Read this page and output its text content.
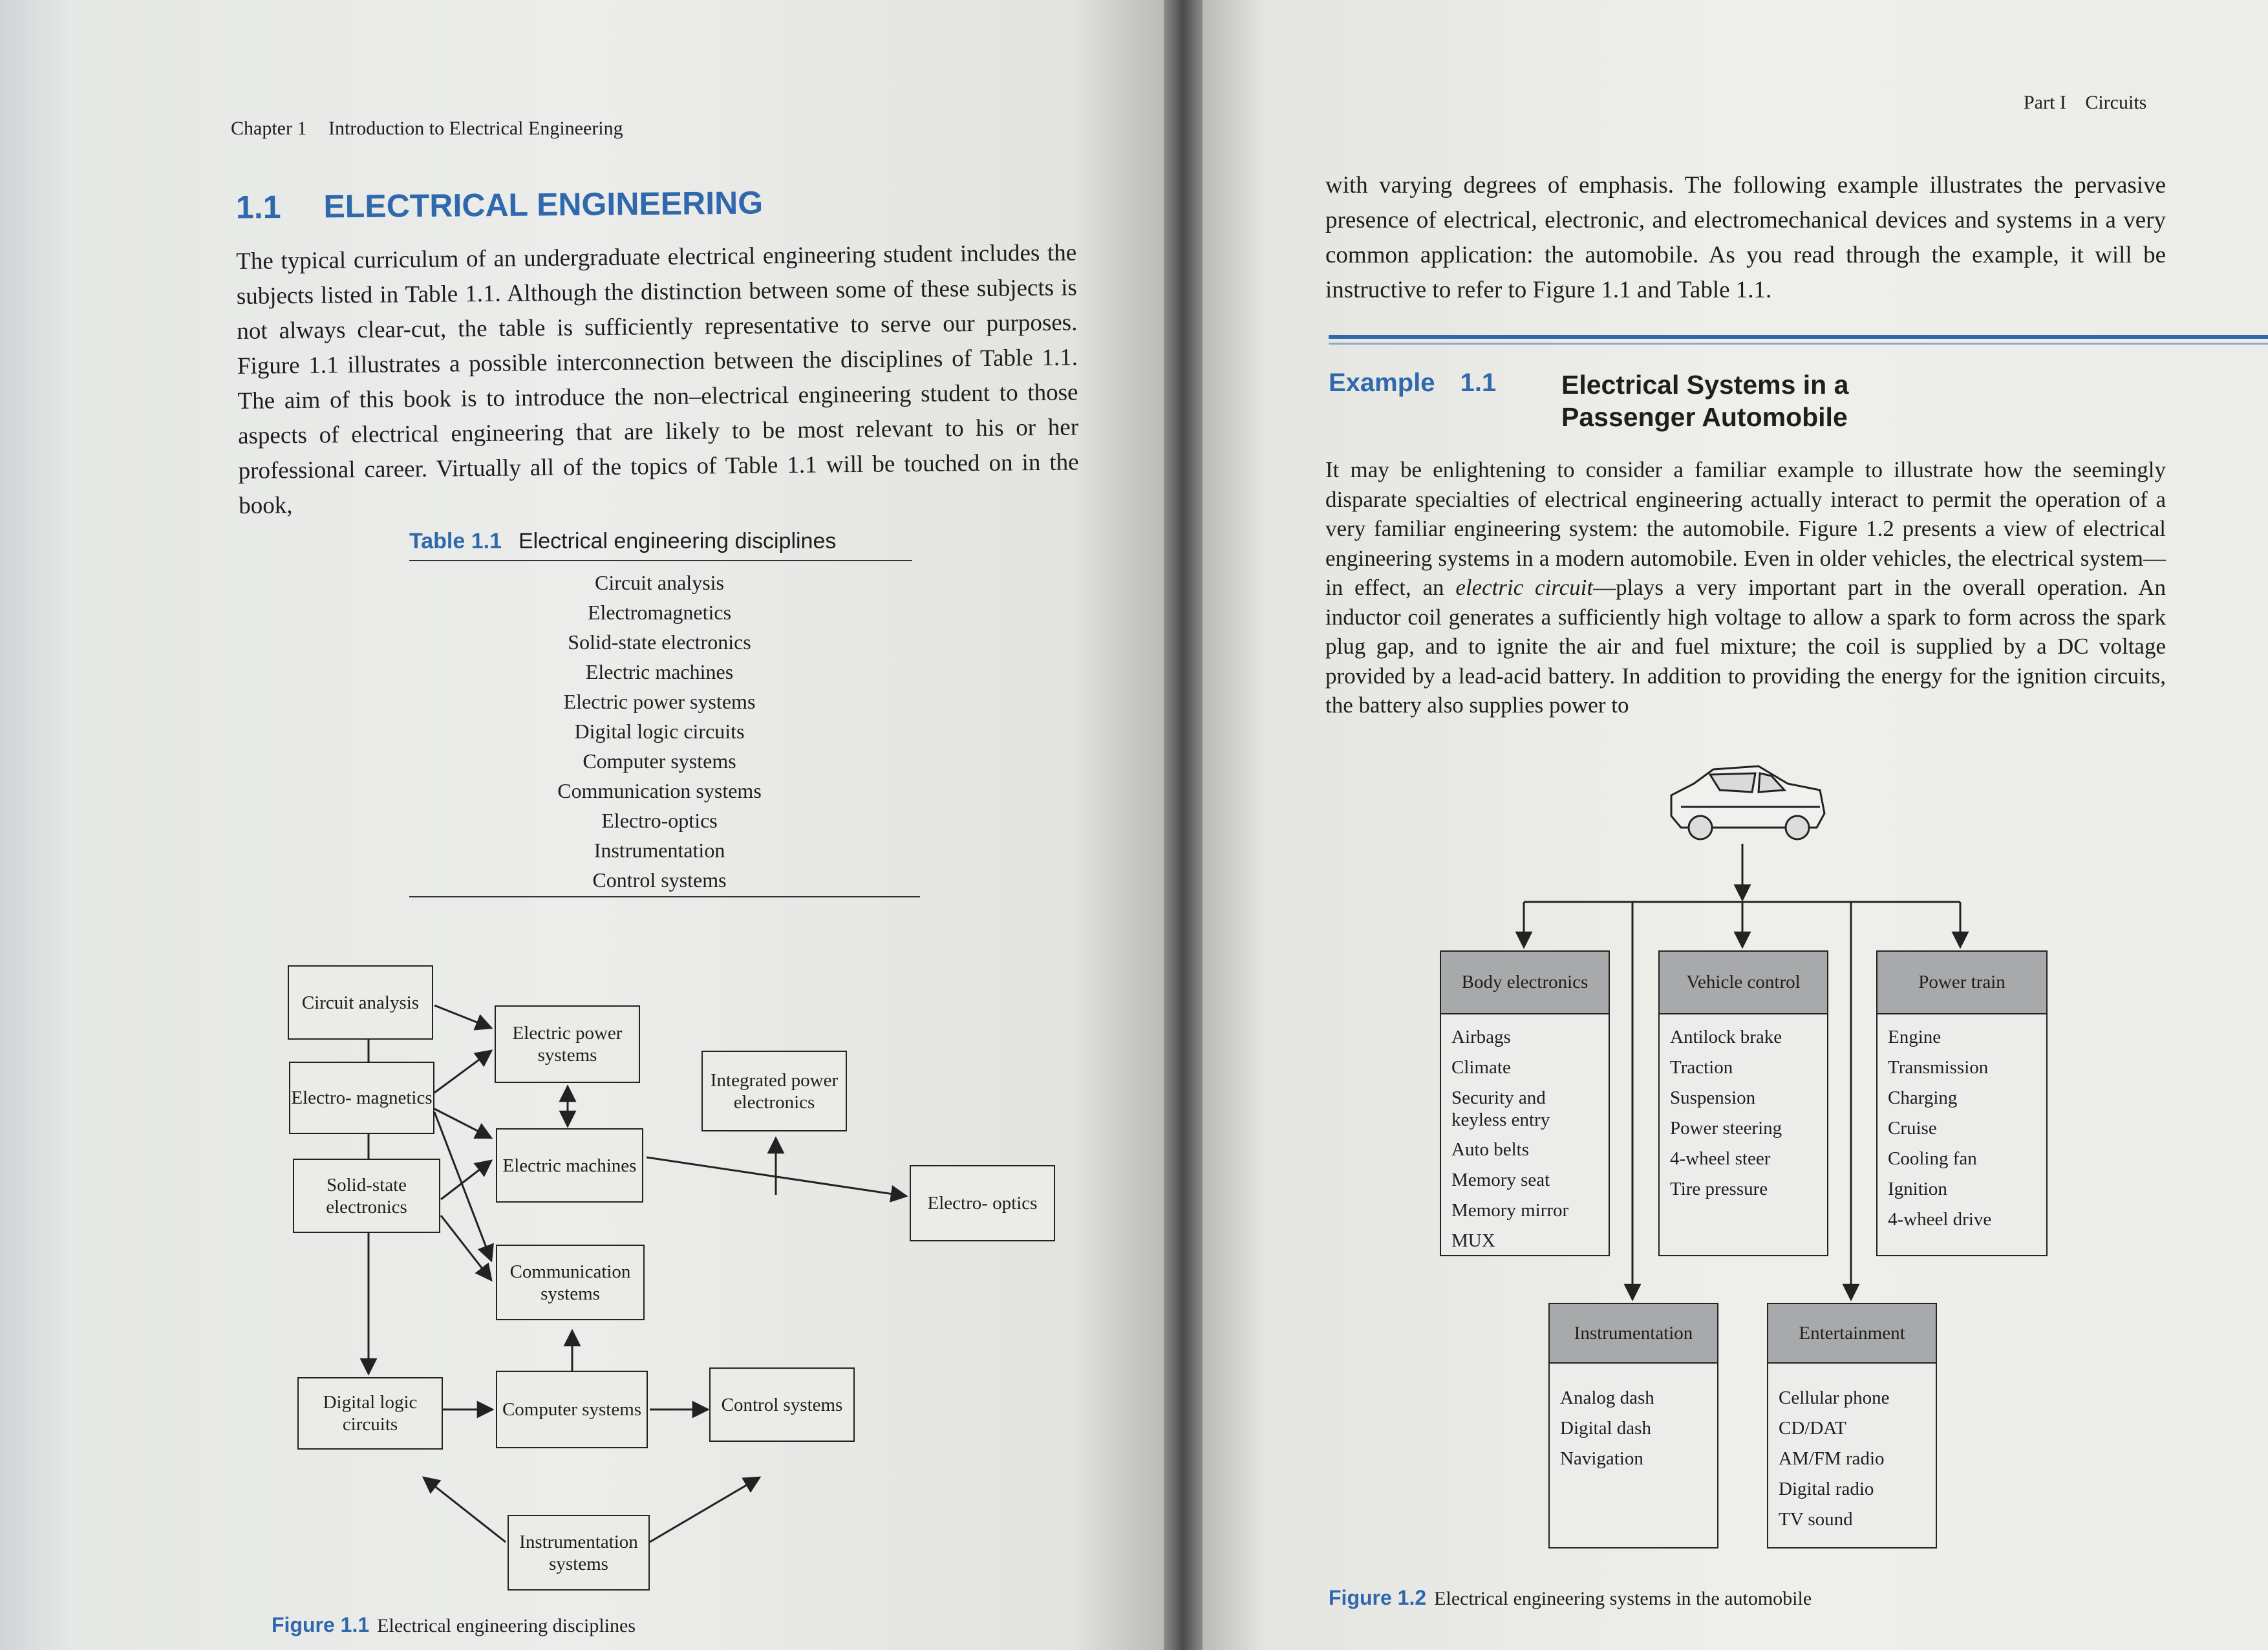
Chapter 1 Introduction to Electrical Engineering
1.1 ELECTRICAL ENGINEERING

The typical curriculum of an undergraduate electrical engineering student includes the subjects listed in Table 1.1. Although the distinction between some of these subjects is not always clear-cut, the table is sufficiently representative to serve our purposes. Figure 1.1 illustrates a possible interconnection between the disciplines of Table 1.1. The aim of this book is to introduce the non–electrical engineering student to those aspects of electrical engineering that are likely to be most relevant to his or her professional career. Virtually all of the topics of Table 1.1 will be touched on in the book,

Table 1.1 Electrical engineering disciplines
Circuit analysis
Electromagnetics
Solid-state electronics
Electric machines
Electric power systems
Digital logic circuits
Computer systems
Communication systems
Electro-optics
Instrumentation
Control systems
Circuit analysis
Electro- magnetics
Solid-state electronics
Digital logic circuits
Electric power systems
Electric machines
Communication systems
Computer systems
Instrumentation systems
Integrated power electronics
Electro- optics
Control systems
Figure 1.1 Electrical engineering disciplines
Part I Circuits

with varying degrees of emphasis. The following example illustrates the pervasive presence of electrical, electronic, and electromechanical devices and systems in a very common application: the automobile. As you read through the example, it will be instructive to refer to Figure 1.1 and Table 1.1.

Example 1.1 Electrical Systems in a
Passenger Automobile

It may be enlightening to consider a familiar example to illustrate how the seemingly disparate specialties of electrical engineering actually interact to permit the operation of a very familiar engineering system: the automobile. Figure 1.2 presents a view of electrical engineering systems in a modern automobile. Even in older vehicles, the electrical system—in effect, an electric circuit—plays a very important part in the overall operation. An inductor coil generates a sufficiently high voltage to allow a spark to form across the spark plug gap, and to ignite the air and fuel mixture; the coil is supplied by a DC voltage provided by a lead-acid battery. In addition to providing the energy for the ignition circuits, the battery also supplies power to

Body electronics
Airbags
Climate
Security and keyless entry
Auto belts
Memory seat
Memory mirror
MUX
Vehicle control
Antilock brake
Traction
Suspension
Power steering
4-wheel steer
Tire pressure
Power train
Engine
Transmission
Charging
Cruise
Cooling fan
Ignition
4-wheel drive
Instrumentation
Analog dash
Digital dash
Navigation
Entertainment
Cellular phone
CD/DAT
AM/FM radio
Digital radio
TV sound
Figure 1.2 Electrical engineering systems in the automobile
